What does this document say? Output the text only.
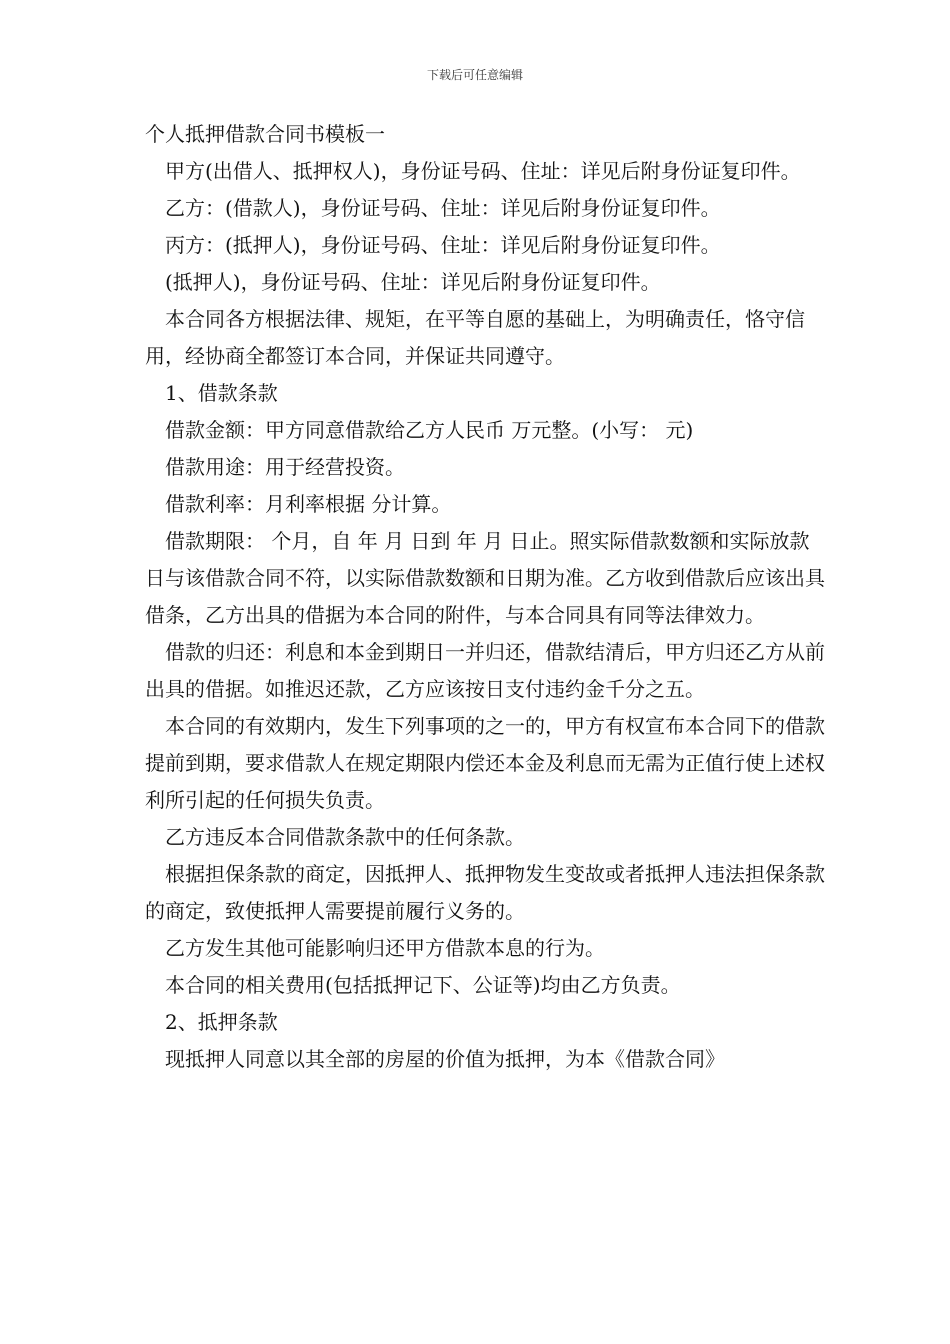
下载后可任意编辑

个人抵押借款合同书模板一

甲方(出借人、抵押权人)，身份证号码、住址：详见后附身份证复印件。

乙方：(借款人)，身份证号码、住址：详见后附身份证复印件。

丙方：(抵押人)，身份证号码、住址：详见后附身份证复印件。

(抵押人)，身份证号码、住址：详见后附身份证复印件。

本合同各方根据法律、规矩，在平等自愿的基础上，为明确责任，恪守信用，经协商全都签订本合同，并保证共同遵守。

1、借款条款

借款金额：甲方同意借款给乙方人民币 万元整。(小写： 元)

借款用途：用于经营投资。

借款利率：月利率根据 分计算。

借款期限： 个月，自 年 月 日到 年 月 日止。照实际借款数额和实际放款日与该借款合同不符，以实际借款数额和日期为准。乙方收到借款后应该出具借条，乙方出具的借据为本合同的附件，与本合同具有同等法律效力。

借款的归还：利息和本金到期日一并归还，借款结清后，甲方归还乙方从前出具的借据。如推迟还款，乙方应该按日支付违约金千分之五。

本合同的有效期内，发生下列事项的之一的，甲方有权宣布本合同下的借款提前到期，要求借款人在规定期限内偿还本金及利息而无需为正值行使上述权利所引起的任何损失负责。

乙方违反本合同借款条款中的任何条款。

根据担保条款的商定，因抵押人、抵押物发生变故或者抵押人违法担保条款的商定，致使抵押人需要提前履行义务的。

乙方发生其他可能影响归还甲方借款本息的行为。

本合同的相关费用(包括抵押记下、公证等)均由乙方负责。

2、抵押条款

现抵押人同意以其全部的房屋的价值为抵押，为本《借款合同》
